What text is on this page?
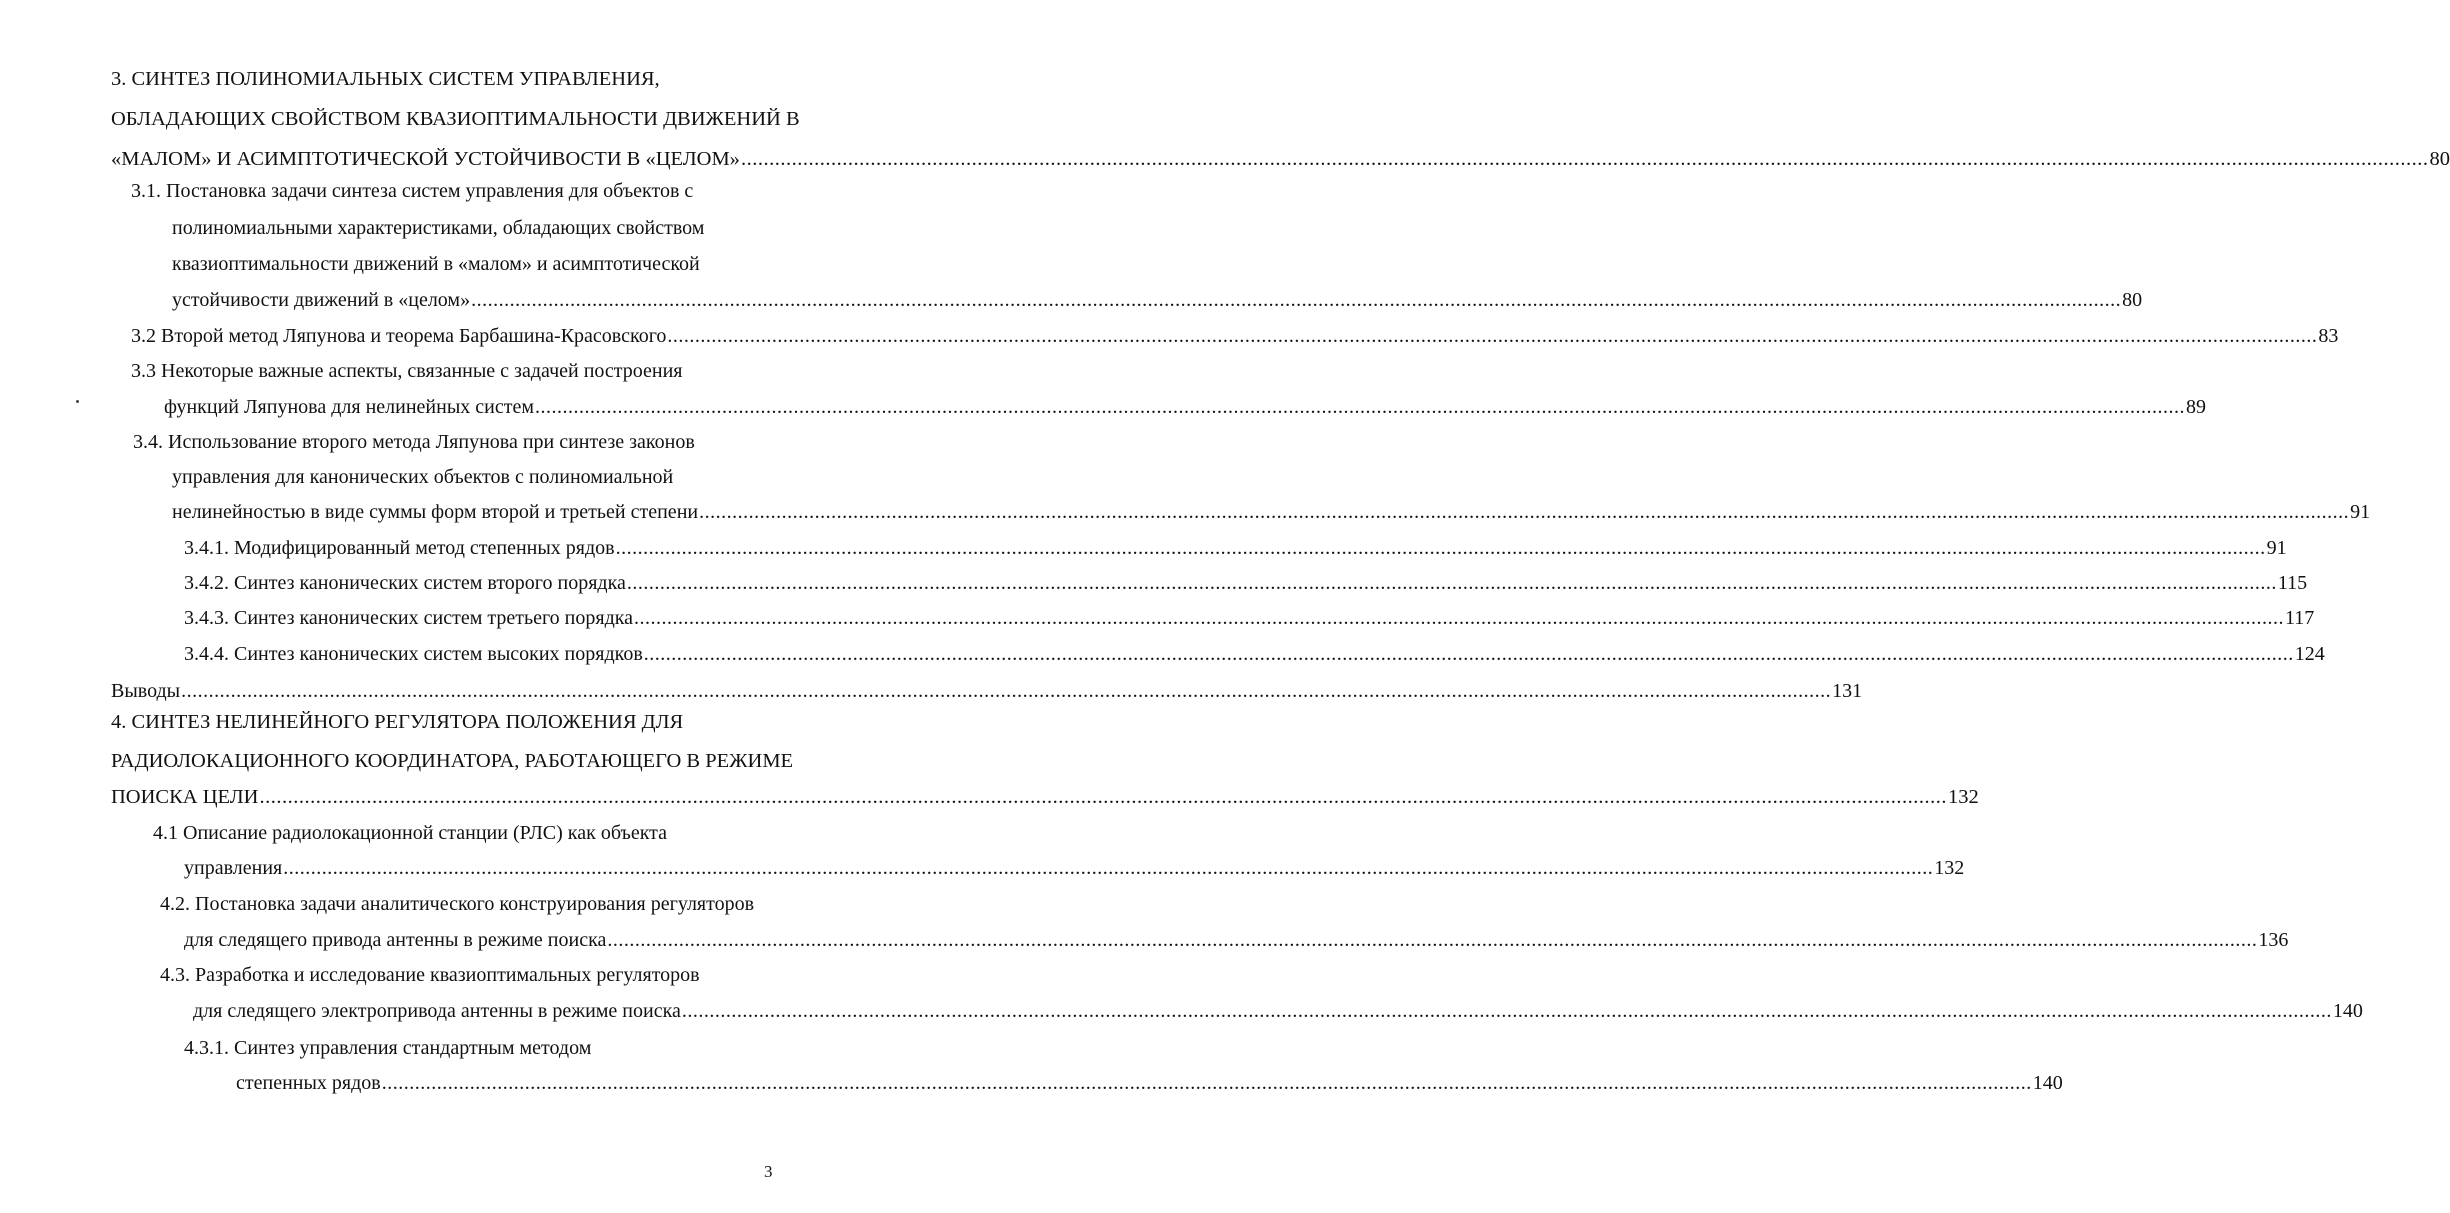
3. СИНТЕЗ ПОЛИНОМИАЛЬНЫХ СИСТЕМ УПРАВЛЕНИЯ,
ОБЛАДАЮЩИХ СВОЙСТВОМ КВАЗИОПТИМАЛЬНОСТИ ДВИЖЕНИЙ В
«МАЛОМ» И АСИМПТОТИЧЕСКОЙ УСТОЙЧИВОСТИ В «ЦЕЛОМ» ............................................................................................................................................................................................................................................................................................................ 80
3.1. Постановка задачи синтеза систем управления для объектов с
полиномиальными характеристиками, обладающих свойством
квазиоптимальности движений в «малом» и асимптотической
устойчивости движений в «целом» ............................................................................................................................................................................................................................................................................................................ 80
3.2 Второй метод Ляпунова и теорема Барбашина-Красовского ............................................................................................................................................................................................................................................................................................................ 83
3.3 Некоторые важные аспекты, связанные с задачей построения
функций Ляпунова для нелинейных систем ............................................................................................................................................................................................................................................................................................................ 89
3.4. Использование второго метода Ляпунова при синтезе законов
управления для канонических объектов с полиномиальной
нелинейностью в виде суммы форм второй и третьей степени ............................................................................................................................................................................................................................................................................................................ 91
3.4.1. Модифицированный метод степенных рядов ............................................................................................................................................................................................................................................................................................................ 91
3.4.2. Синтез канонических систем второго порядка ............................................................................................................................................................................................................................................................................................................ 115
3.4.3. Синтез канонических систем третьего порядка ............................................................................................................................................................................................................................................................................................................ 117
3.4.4. Синтез канонических систем высоких порядков ............................................................................................................................................................................................................................................................................................................ 124
Выводы ............................................................................................................................................................................................................................................................................................................ 131
4. СИНТЕЗ НЕЛИНЕЙНОГО РЕГУЛЯТОРА ПОЛОЖЕНИЯ ДЛЯ
РАДИОЛОКАЦИОННОГО КООРДИНАТОРА, РАБОТАЮЩЕГО В РЕЖИМЕ
ПОИСКА ЦЕЛИ ............................................................................................................................................................................................................................................................................................................ 132
4.1 Описание радиолокационной станции (РЛС) как объекта
управления ............................................................................................................................................................................................................................................................................................................ 132
4.2. Постановка задачи аналитического конструирования регуляторов
для следящего привода антенны в режиме поиска ............................................................................................................................................................................................................................................................................................................ 136
4.3. Разработка и исследование квазиоптимальных регуляторов
для следящего электропривода антенны в режиме поиска ............................................................................................................................................................................................................................................................................................................ 140
4.3.1. Синтез управления стандартным методом
степенных рядов ............................................................................................................................................................................................................................................................................................................ 140
3
